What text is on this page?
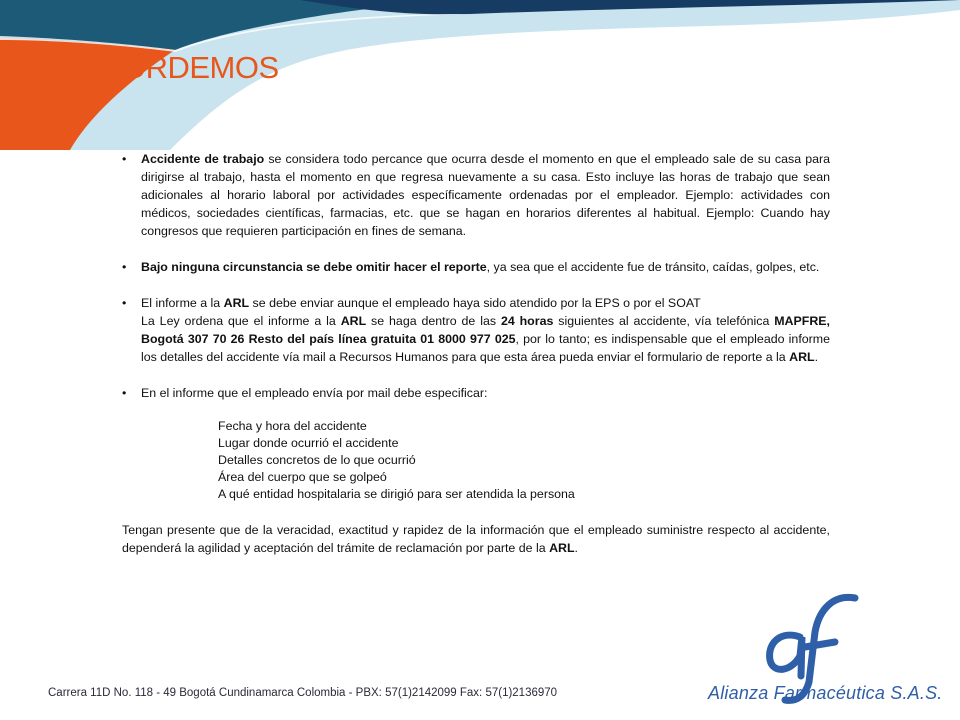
RECORDEMOS
• Accidente de trabajo se considera todo percance que ocurra desde el momento en que el empleado sale de su casa para dirigirse al trabajo, hasta el momento en que regresa nuevamente a su casa. Esto incluye las horas de trabajo que sean adicionales al horario laboral por actividades específicamente ordenadas por el empleador. Ejemplo: actividades con médicos, sociedades científicas, farmacias, etc. que se hagan en horarios diferentes al habitual. Ejemplo: Cuando hay congresos que requieren participación en fines de semana.
• Bajo ninguna circunstancia se debe omitir hacer el reporte, ya sea que el accidente fue de tránsito, caídas, golpes, etc.
• El informe a la ARL se debe enviar aunque el empleado haya sido atendido por la EPS o por el SOAT
La Ley ordena que el informe a la ARL se haga dentro de las 24 horas siguientes al accidente, vía telefónica MAPFRE, Bogotá 307 70 26 Resto del país línea gratuita 01 8000 977 025, por lo tanto; es indispensable que el empleado informe los detalles del accidente vía mail a Recursos Humanos para que esta área pueda enviar el formulario de reporte a la ARL.
• En el informe que el empleado envía por mail debe especificar:
Fecha y hora del accidente
Lugar donde ocurrió el accidente
Detalles concretos de lo que ocurrió
Área del cuerpo que se golpeó
A qué entidad hospitalaria se dirigió para ser atendida la persona
Tengan presente que de la veracidad, exactitud y rapidez de la información que el empleado suministre respecto al accidente, dependerá la agilidad y aceptación del trámite de reclamación por parte de la ARL.
Alianza Farmacéutica S.A.S.
Carrera 11D No. 118 - 49 Bogotá Cundinamarca Colombia - PBX: 57(1)2142099 Fax: 57(1)2136970
